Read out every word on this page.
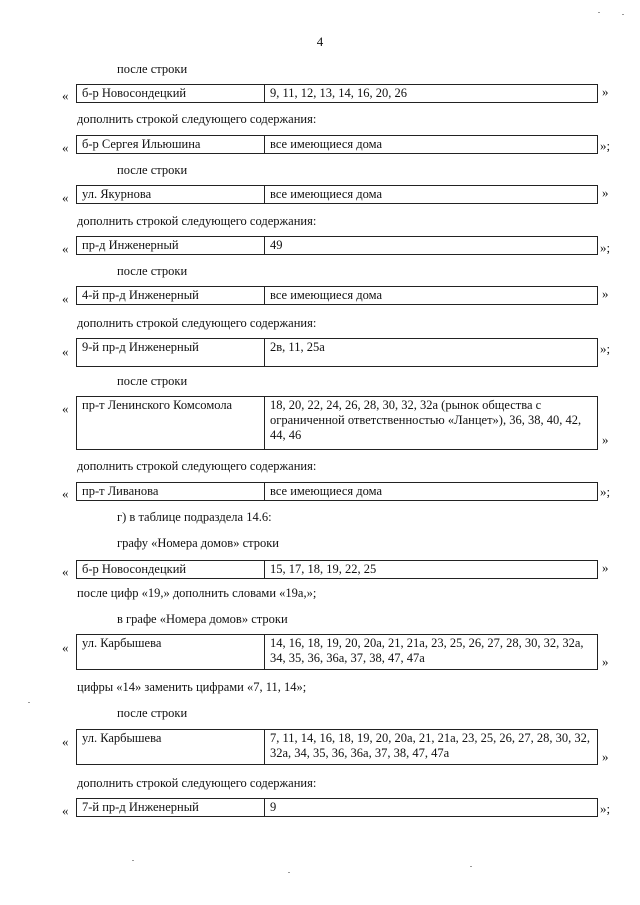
4
после строки
«	б-р Новосондецкий	9, 11, 12, 13, 14, 16, 20, 26	»
дополнить строкой следующего содержания:
«	б-р Сергея Ильюшина	все имеющиеся дома	»;
после строки
«	ул. Якурнова	все имеющиеся дома	»
дополнить строкой следующего содержания:
«	пр-д Инженерный	49	»;
после строки
«	4-й пр-д Инженерный	все имеющиеся дома	»
дополнить строкой следующего содержания:
«	9-й пр-д Инженерный	2в, 11, 25а	»;
после строки
«	пр-т Ленинского Комсомола	18, 20, 22, 24, 26, 28, 30, 32, 32а (рынок общества с ограниченной ответственностью «Ланцет»), 36, 38, 40, 42, 44, 46	»
дополнить строкой следующего содержания:
«	пр-т Ливанова	все имеющиеся дома	»;
г) в таблице подраздела 14.6:
графу «Номера домов» строки
«	б-р Новосондецкий	15, 17, 18, 19, 22, 25	»
после цифр «19,» дополнить словами «19а,»;
в графе «Номера домов» строки
«	ул. Карбышева	14, 16, 18, 19, 20, 20а, 21, 21а, 23, 25, 26, 27, 28, 30, 32, 32а, 34, 35, 36, 36а, 37, 38, 47, 47а	»
цифры «14» заменить цифрами «7, 11, 14»;
после строки
«	ул. Карбышева	7, 11, 14, 16, 18, 19, 20, 20а, 21, 21а, 23, 25, 26, 27, 28, 30, 32, 32а, 34, 35, 36, 36а, 37, 38, 47, 47а	»
дополнить строкой следующего содержания:
«	7-й пр-д Инженерный	9	»;
